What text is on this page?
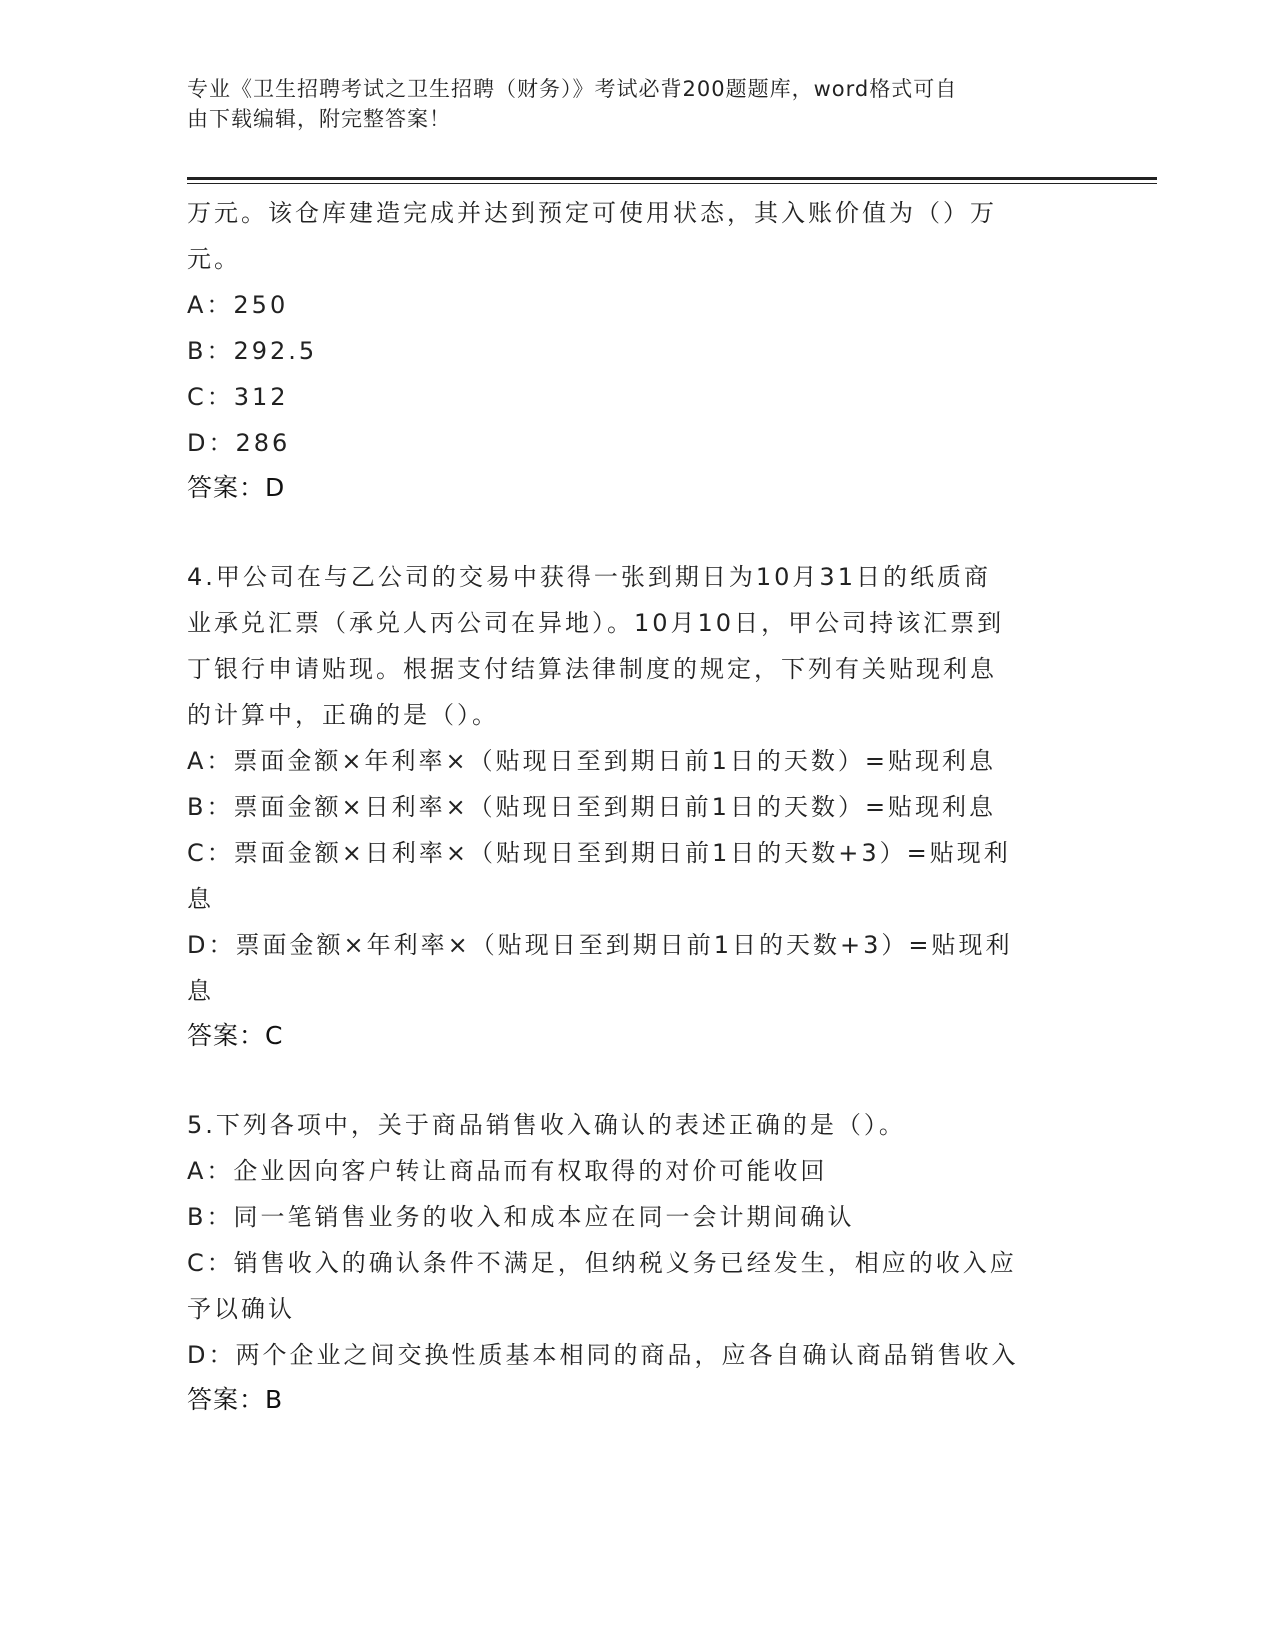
专业《卫生招聘考试之卫生招聘（财务）》考试必背200题题库，word格式可自
由下载编辑，附完整答案！
万元。该仓库建造完成并达到预定可使用状态，其入账价值为（）万
元。
A：250
B：292.5
C：312
D：286
答案：D
4.甲公司在与乙公司的交易中获得一张到期日为10月31日的纸质商
业承兑汇票（承兑人丙公司在异地）。10月10日，甲公司持该汇票到
丁银行申请贴现。根据支付结算法律制度的规定，下列有关贴现利息
的计算中，正确的是（）。
A：票面金额×年利率×（贴现日至到期日前1日的天数）=贴现利息
B：票面金额×日利率×（贴现日至到期日前1日的天数）=贴现利息
C：票面金额×日利率×（贴现日至到期日前1日的天数+3）=贴现利
息
D：票面金额×年利率×（贴现日至到期日前1日的天数+3）=贴现利
息
答案：C
5.下列各项中，关于商品销售收入确认的表述正确的是（）。
A：企业因向客户转让商品而有权取得的对价可能收回
B：同一笔销售业务的收入和成本应在同一会计期间确认
C：销售收入的确认条件不满足，但纳税义务已经发生，相应的收入应
予以确认
D：两个企业之间交换性质基本相同的商品，应各自确认商品销售收入
答案：B
